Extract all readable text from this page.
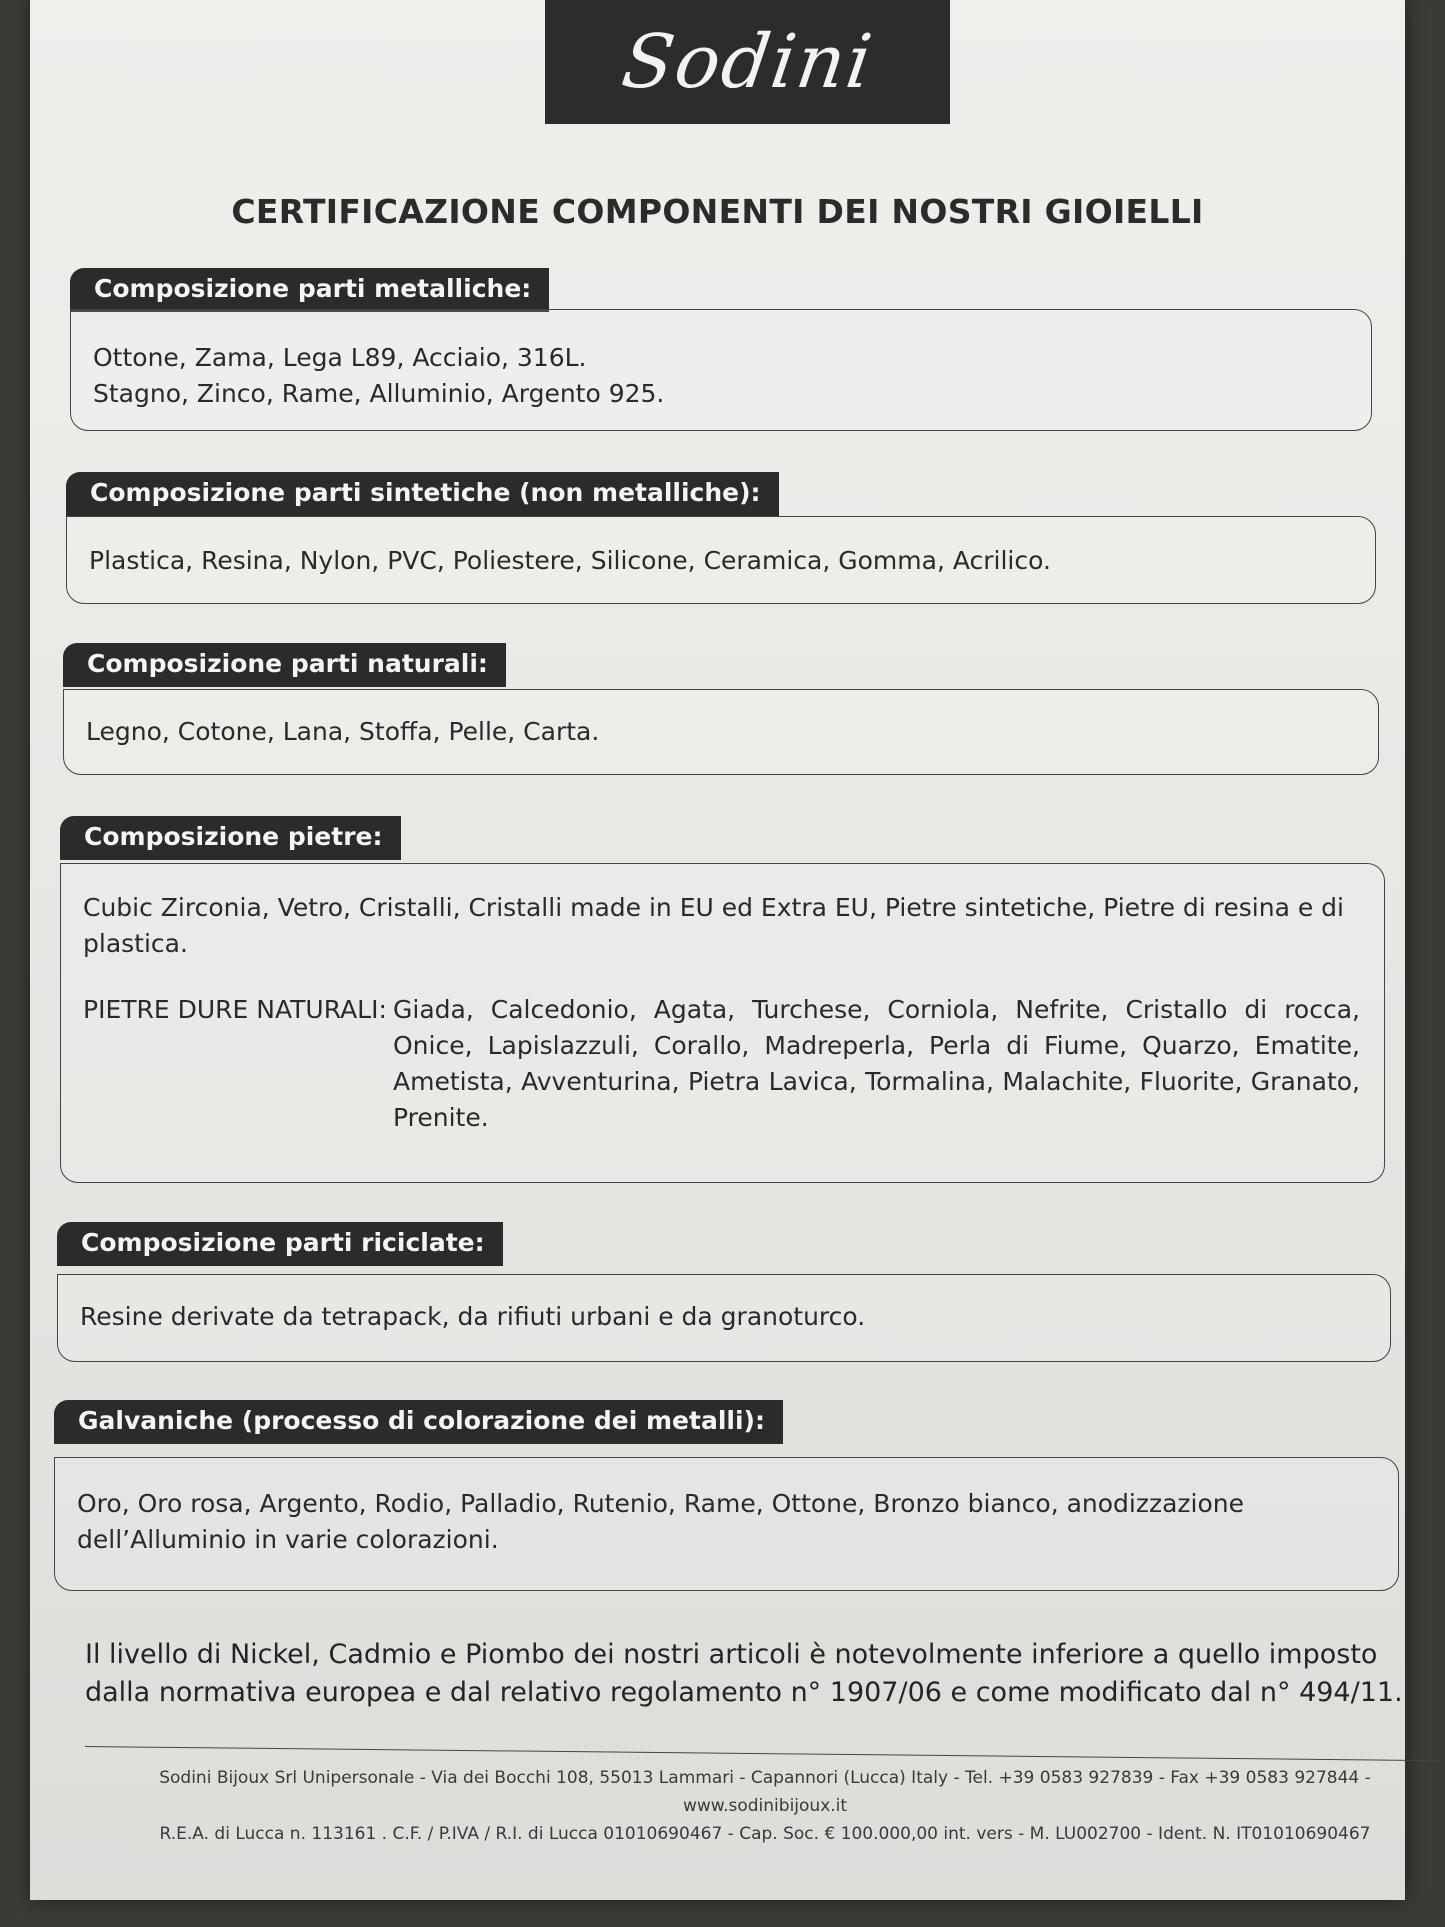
Sodini
CERTIFICAZIONE COMPONENTI DEI NOSTRI GIOIELLI
Composizione parti metalliche:

Ottone, Zama, Lega L89, Acciaio, 316L.

Stagno, Zinco, Rame, Alluminio, Argento 925.

Composizione parti sintetiche (non metalliche):

Plastica, Resina, Nylon, PVC, Poliestere, Silicone, Ceramica, Gomma, Acrilico.

Composizione parti naturali:

Legno, Cotone, Lana, Stoffa, Pelle, Carta.

Composizione pietre:

Cubic Zirconia, Vetro, Cristalli, Cristalli made in EU ed Extra EU, Pietre sintetiche, Pietre di resina e di plastica.

PIETRE DURE NATURALI: Giada, Calcedonio, Agata, Turchese, Corniola, Nefrite, Cristallo di rocca, Onice, Lapislazzuli, Corallo, Madreperla, Perla di Fiume, Quarzo, Ematite, Ametista, Avventurina, Pietra Lavica, Tormalina, Malachite, Fluorite, Granato, Prenite.
Composizione parti riciclate:

Resine derivate da tetrapack, da rifiuti urbani e da granoturco.

Galvaniche (processo di colorazione dei metalli):

Oro, Oro rosa, Argento, Rodio, Palladio, Rutenio, Rame, Ottone, Bronzo bianco, anodizzazione dell’Alluminio in varie colorazioni.

Il livello di Nickel, Cadmio e Piombo dei nostri articoli è notevolmente inferiore a quello imposto dalla normativa europea e dal relativo regolamento n° 1907/06 e come modificato dal n° 494/11.
Sodini Bijoux Srl Unipersonale - Via dei Bocchi 108, 55013 Lammari - Capannori (Lucca) Italy - Tel. +39 0583 927839 - Fax +39 0583 927844 - www.sodinibijoux.it
R.E.A. di Lucca n. 113161 . C.F. / P.IVA / R.I. di Lucca 01010690467 - Cap. Soc. € 100.000,00 int. vers - M. LU002700 - Ident. N. IT01010690467
